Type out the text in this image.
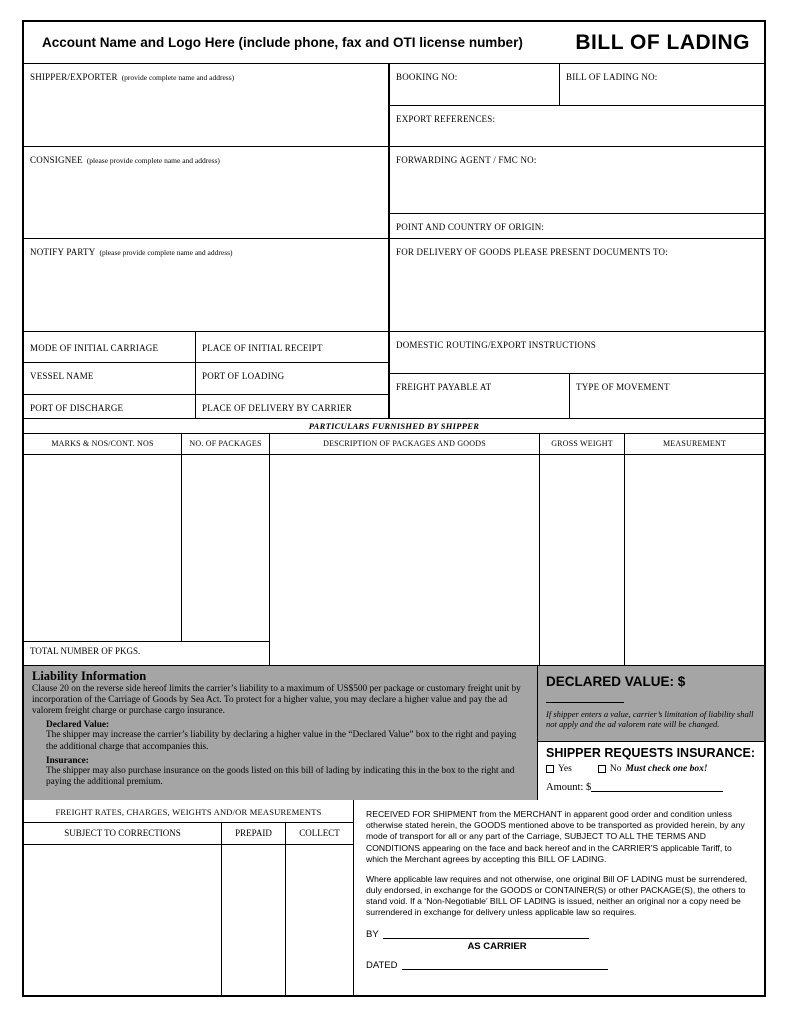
Account Name and Logo Here (include phone, fax and OTI license number)	BILL OF LADING
SHIPPER/EXPORTER (provide complete name and address)
CONSIGNEE (please provide complete name and address)
NOTIFY PARTY (please provide complete name and address)
MODE OF INITIAL CARRIAGE	PLACE OF INITIAL RECEIPT
VESSEL NAME	PORT OF LOADING
PORT OF DISCHARGE	PLACE OF DELIVERY BY CARRIER
BOOKING NO:	BILL OF LADING NO:
EXPORT REFERENCES:
FORWARDING AGENT / FMC NO:
POINT AND COUNTRY OF ORIGIN:
FOR DELIVERY OF GOODS PLEASE PRESENT DOCUMENTS TO:
DOMESTIC ROUTING/EXPORT INSTRUCTIONS
FREIGHT PAYABLE AT	TYPE OF MOVEMENT
PARTICULARS FURNISHED BY SHIPPER
MARKS & NOS/CONT. NOS	NO. OF PACKAGES	DESCRIPTION OF PACKAGES AND GOODS	GROSS WEIGHT	MEASUREMENT
TOTAL NUMBER OF PKGS.
Liability Information
Clause 20 on the reverse side hereof limits the carrier’s liability to a maximum of US$500 per package or customary freight unit by incorporation of the Carriage of Goods by Sea Act. To protect for a higher value, you may declare a higher value and pay the ad valorem freight charge or purchase cargo insurance.
Declared Value:
The shipper may increase the carrier’s liability by declaring a higher value in the “Declared Value” box to the right and paying the additional charge that accompanies this.
Insurance:
The shipper may also purchase insurance on the goods listed on this bill of lading by indicating this in the box to the right and paying the additional premium.
DECLARED VALUE: $
If shipper enters a value, carrier’s limitation of liability shall not apply and the ad valorem rate will be changed.
SHIPPER REQUESTS INSURANCE:
Yes	No Must check one box!
Amount: $
FREIGHT RATES, CHARGES, WEIGHTS AND/OR MEASUREMENTS
SUBJECT TO CORRECTIONS	PREPAID	COLLECT

RECEIVED FOR SHIPMENT from the MERCHANT in apparent good order and condition unless otherwise stated herein, the GOODS mentioned above to be transported as provided herein, by any mode of transport for all or any part of the Carriage, SUBJECT TO ALL THE TERMS AND CONDITIONS appearing on the face and back hereof and in the CARRIER'S applicable Tariff, to which the Merchant agrees by accepting this BILL OF LADING.

Where applicable law requires and not otherwise, one original Bill OF LADING must be surrendered, duly endorsed, in exchange for the GOODS or CONTAINER(S) or other PACKAGE(S), the others to stand void. If a ‘Non-Negotiable’ BILL OF LADING is issued, neither an original nor a copy need be surrendered in exchange for delivery unless applicable law so requires.

BY
AS CARRIER
DATED
